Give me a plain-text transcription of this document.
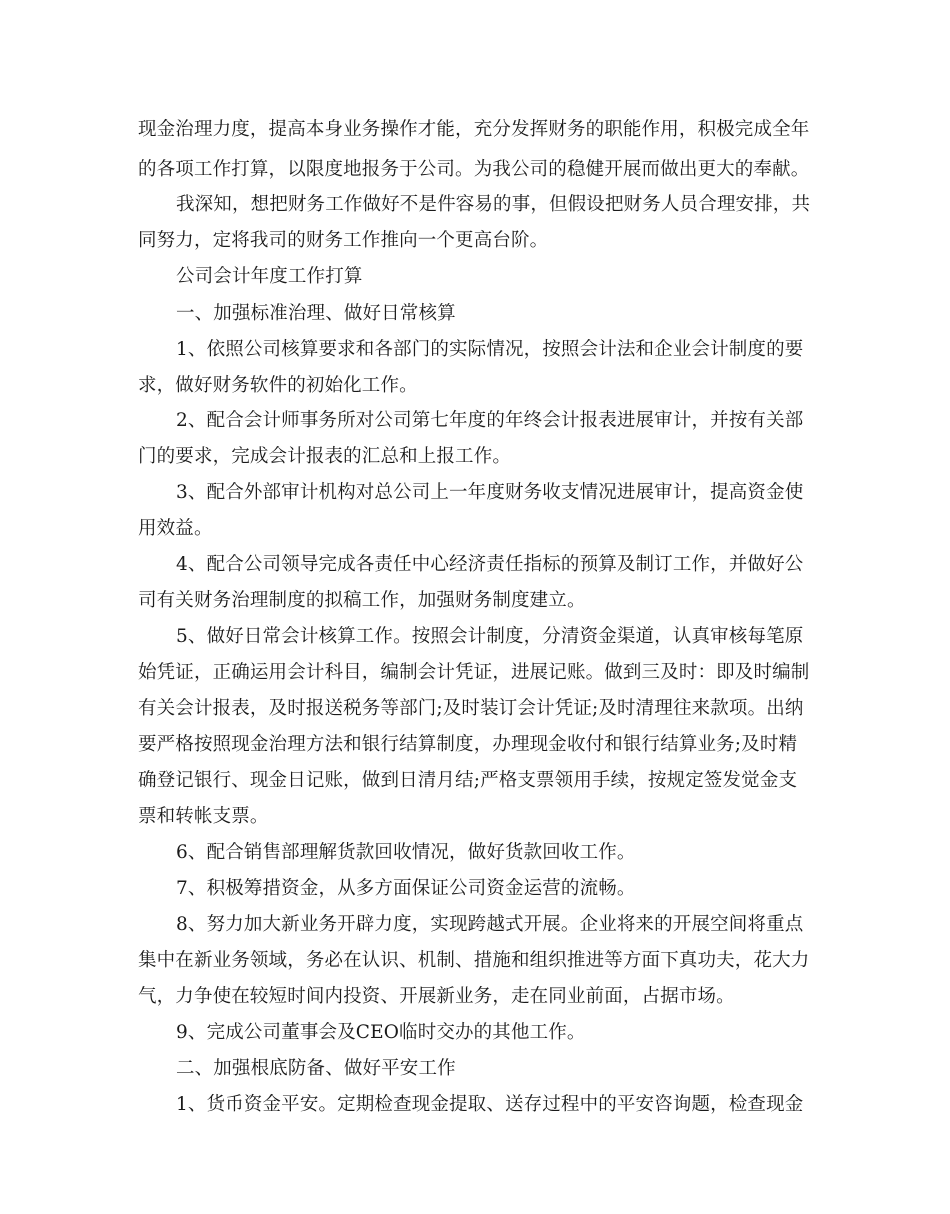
现金治理力度，提高本身业务操作才能，充分发挥财务的职能作用，积极完成全年
的各项工作打算，以限度地报务于公司。为我公司的稳健开展而做出更大的奉献。
我深知，想把财务工作做好不是件容易的事，但假设把财务人员合理安排，共
同努力，定将我司的财务工作推向一个更高台阶。
公司会计年度工作打算
一、加强标准治理、做好日常核算
1、依照公司核算要求和各部门的实际情况，按照会计法和企业会计制度的要
求，做好财务软件的初始化工作。
2、配合会计师事务所对公司第七年度的年终会计报表进展审计，并按有关部
门的要求，完成会计报表的汇总和上报工作。
3、配合外部审计机构对总公司上一年度财务收支情况进展审计，提高资金使
用效益。
4、配合公司领导完成各责任中心经济责任指标的预算及制订工作，并做好公
司有关财务治理制度的拟稿工作，加强财务制度建立。
5、做好日常会计核算工作。按照会计制度，分清资金渠道，认真审核每笔原
始凭证，正确运用会计科目，编制会计凭证，进展记账。做到三及时：即及时编制
有关会计报表，及时报送税务等部门;及时装订会计凭证;及时清理往来款项。出纳
要严格按照现金治理方法和银行结算制度，办理现金收付和银行结算业务;及时精
确登记银行、现金日记账，做到日清月结;严格支票领用手续，按规定签发觉金支
票和转帐支票。
6、配合销售部理解货款回收情况，做好货款回收工作。
7、积极筹措资金，从多方面保证公司资金运营的流畅。
8、努力加大新业务开辟力度，实现跨越式开展。企业将来的开展空间将重点
集中在新业务领域，务必在认识、机制、措施和组织推进等方面下真功夫，花大力
气，力争使在较短时间内投资、开展新业务，走在同业前面，占据市场。
9、完成公司董事会及CEO临时交办的其他工作。
二、加强根底防备、做好平安工作
1、货币资金平安。定期检查现金提取、送存过程中的平安咨询题，检查现金
